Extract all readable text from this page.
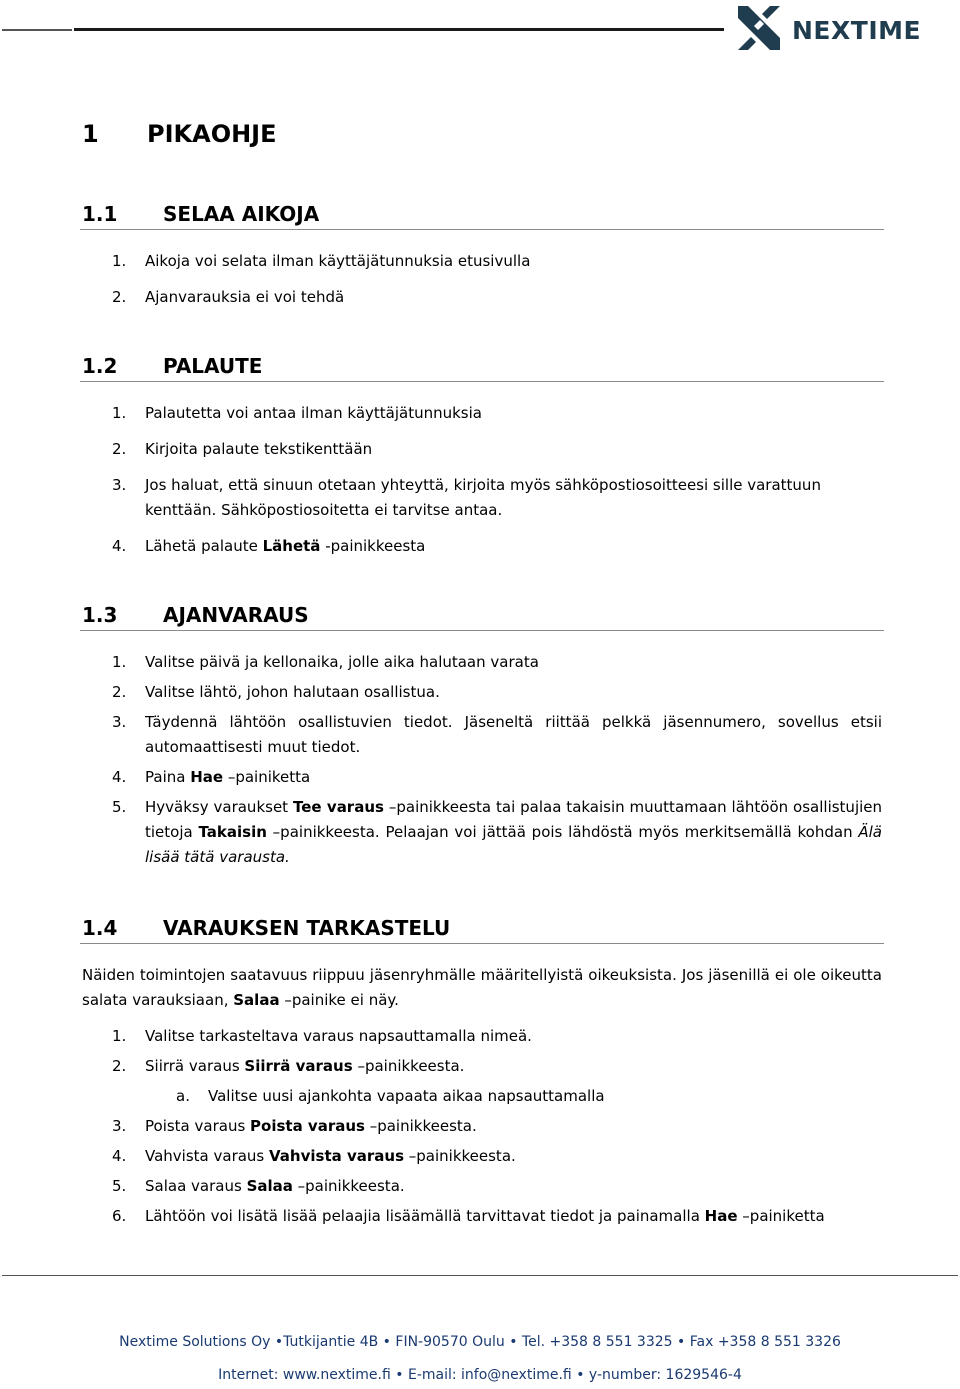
NEXTIME
1 PIKAOHJE
1.1 SELAA AIKOJA
1. Aikoja voi selata ilman käyttäjätunnuksia etusivulla
2. Ajanvarauksia ei voi tehdä
1.2 PALAUTE
1. Palautetta voi antaa ilman käyttäjätunnuksia
2. Kirjoita palaute tekstikenttään
3. Jos haluat, että sinuun otetaan yhteyttä, kirjoita myös sähköpostiosoitteesi sille varattuun
kenttään. Sähköpostiosoitetta ei tarvitse antaa.
4. Lähetä palaute Lähetä -painikkeesta
1.3 AJANVARAUS
1. Valitse päivä ja kellonaika, jolle aika halutaan varata
2. Valitse lähtö, johon halutaan osallistua.
3. Täydennä lähtöön osallistuvien tiedot. Jäseneltä riittää pelkkä jäsennumero, sovellus etsii automaattisesti muut tiedot.
4. Paina Hae –painiketta
5. Hyväksy varaukset Tee varaus –painikkeesta tai palaa takaisin muuttamaan lähtöön osallistujien tietoja Takaisin –painikkeesta. Pelaajan voi jättää pois lähdöstä myös merkitsemällä kohdan Älä lisää tätä varausta.
1.4 VARAUKSEN TARKASTELU
Näiden toimintojen saatavuus riippuu jäsenryhmälle määritellyistä oikeuksista. Jos jäsenillä ei ole oikeutta salata varauksiaan, Salaa –painike ei näy.
1. Valitse tarkasteltava varaus napsauttamalla nimeä.
2. Siirrä varaus Siirrä varaus –painikkeesta.
a. Valitse uusi ajankohta vapaata aikaa napsauttamalla
3. Poista varaus Poista varaus –painikkeesta.
4. Vahvista varaus Vahvista varaus –painikkeesta.
5. Salaa varaus Salaa –painikkeesta.
6. Lähtöön voi lisätä lisää pelaajia lisäämällä tarvittavat tiedot ja painamalla Hae –painiketta
Nextime Solutions Oy •Tutkijantie 4B • FIN-90570 Oulu • Tel. +358 8 551 3325 • Fax +358 8 551 3326
Internet: www.nextime.fi • E-mail: info@nextime.fi • y-number: 1629546-4
